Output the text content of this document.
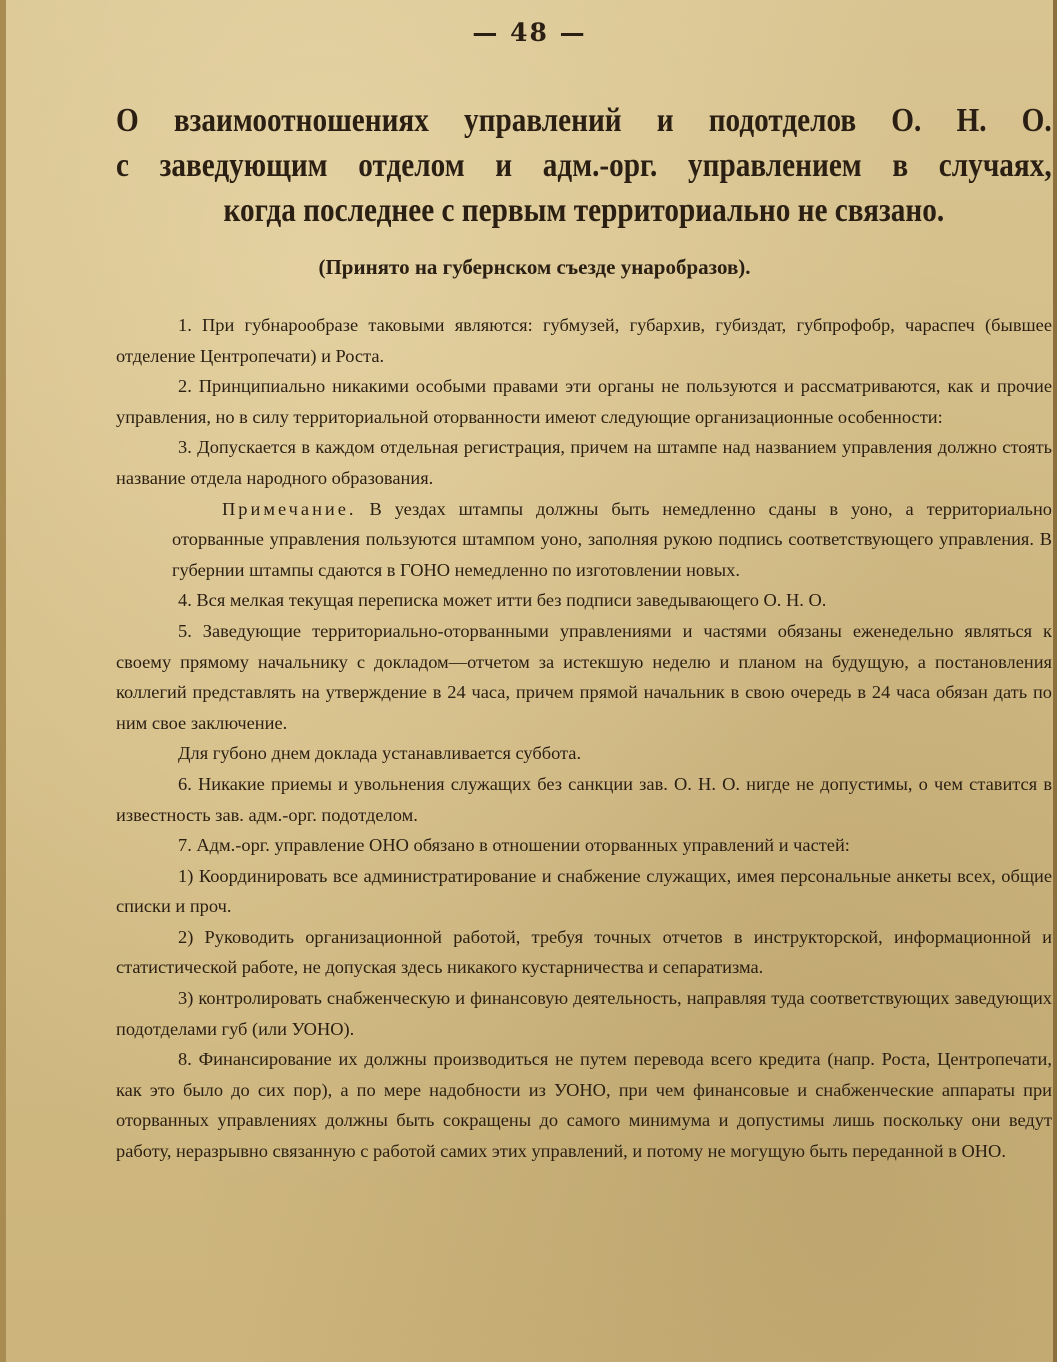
— 48 —
О взаимоотношениях управлений и подотделов О. Н. О.
с заведующим отделом и адм.-орг. управлением в случаях,
когда последнее с первым территориально не связано.
(Принято на губернском съезде унаробразов).

1. При губнарообразе таковыми являются: губмузей, губархив, губиздат, губпрофобр, чараспеч (бывшее отделение Центропечати) и Роста.

2. Принципиально никакими особыми правами эти органы не пользуются и рассматриваются, как и прочие управления, но в силу территориальной оторванности имеют следующие организационные особенности:

3. Допускается в каждом отдельная регистрация, причем на штампе над названием управления должно стоять название отдела народного образования.

Примечание. В уездах штампы должны быть немедленно сданы в уоно, а территориально оторванные управления пользуются штампом уоно, заполняя рукою подпись соответствующего управления. В губернии штампы сдаются в ГОНО немедленно по изготовлении новых.

4. Вся мелкая текущая переписка может итти без подписи заведывающего О. Н. О.

5. Заведующие территориально-оторванными управлениями и частями обязаны еженедельно являться к своему прямому начальнику с докладом—отчетом за истекшую неделю и планом на будущую, а постановления коллегий представлять на утверждение в 24 часа, причем прямой начальник в свою очередь в 24 часа обязан дать по ним свое заключение.

Для губоно днем доклада устанавливается суббота.

6. Никакие приемы и увольнения служащих без санкции зав. О. Н. О. нигде не допустимы, о чем ставится в известность зав. адм.-орг. подотделом.

7. Адм.-орг. управление ОНО обязано в отношении оторванных управлений и частей:

1) Координировать все администратирование и снабжение служащих, имея персональные анкеты всех, общие списки и проч.

2) Руководить организационной работой, требуя точных отчетов в инструкторской, информационной и статистической работе, не допуская здесь никакого кустарничества и сепаратизма.

3) контролировать снабженческую и финансовую деятельность, направляя туда соответствующих заведующих подотделами губ (или УОНО).

8. Финансирование их должны производиться не путем перевода всего кредита (напр. Роста, Центропечати, как это было до сих пор), а по мере надобности из УОНО, при чем финансовые и снабженческие аппараты при оторванных управлениях должны быть сокращены до самого минимума и допустимы лишь поскольку они ведут работу, неразрывно связанную с работой самих этих управлений, и потому не могущую быть переданной в ОНО.
